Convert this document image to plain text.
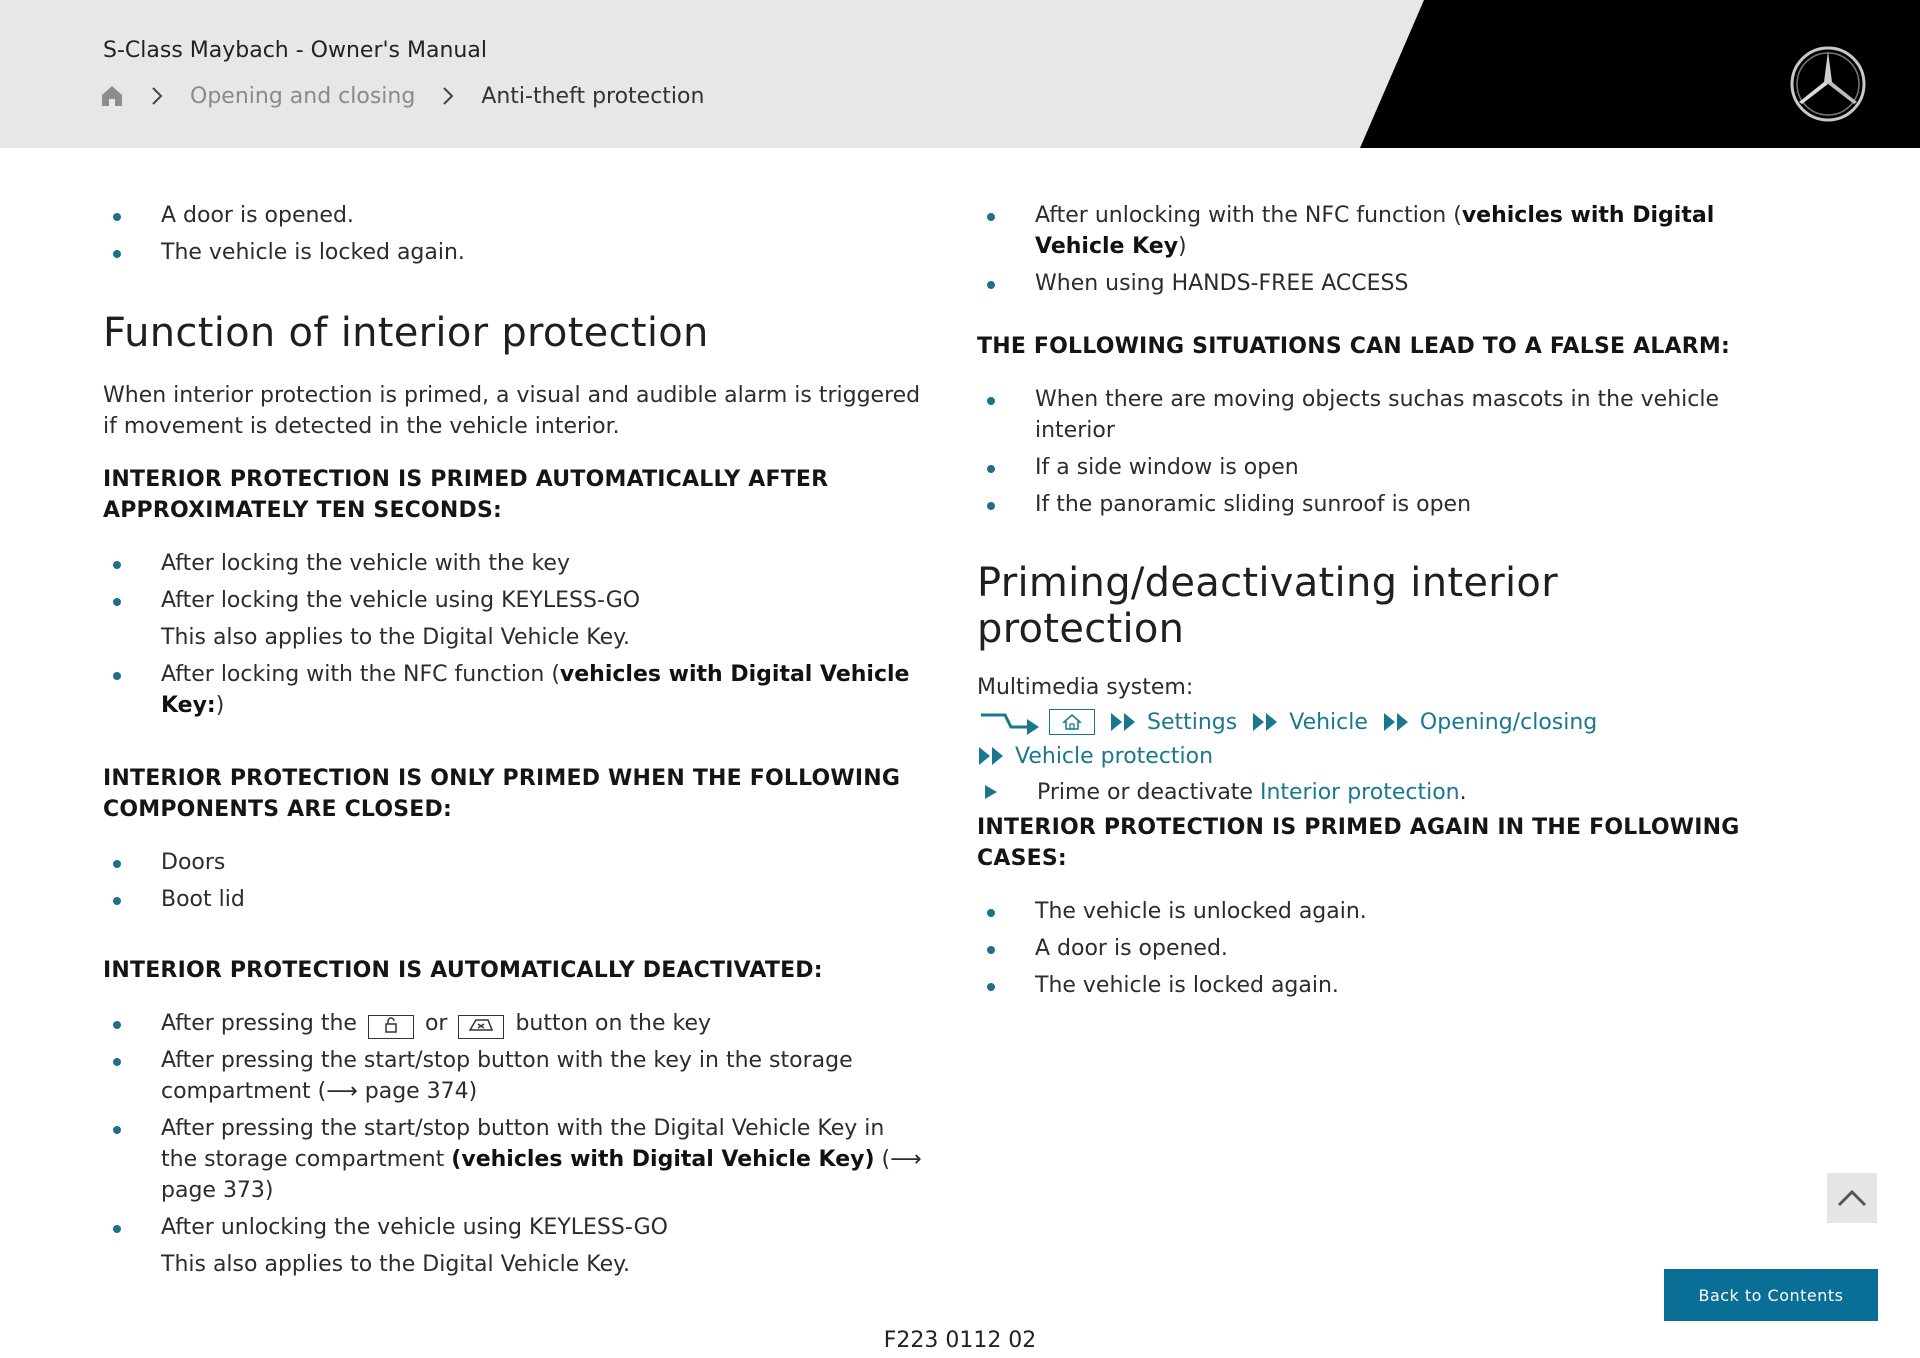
S-Class Maybach - Owner's Manual
Opening and closing	Anti-theft protection
A door is opened.
The vehicle is locked again.
Function of interior protection

When interior protection is primed, a visual and audible alarm is triggered if movement is detected in the vehicle interior.

INTERIOR PROTECTION IS PRIMED AUTOMATICALLY AFTER APPROXIMATELY TEN SECONDS:
After locking the vehicle with the key
After locking the vehicle using KEYLESS-GO
This also applies to the Digital Vehicle Key.
After locking with the NFC function (vehicles with Digital Vehicle Key:)
INTERIOR PROTECTION IS ONLY PRIMED WHEN THE FOLLOWING COMPONENTS ARE CLOSED:
Doors
Boot lid
INTERIOR PROTECTION IS AUTOMATICALLY DEACTIVATED:
After pressing the	or	button on the key
After pressing the start/stop button with the key in the storage compartment (⟶ page 374)
After pressing the start/stop button with the Digital Vehicle Key in the storage compartment (vehicles with Digital Vehicle Key) (⟶ page 373)
After unlocking the vehicle using KEYLESS-GO
This also applies to the Digital Vehicle Key.
After unlocking with the NFC function (vehicles with Digital Vehicle Key)
When using HANDS-FREE ACCESS
THE FOLLOWING SITUATIONS CAN LEAD TO A FALSE ALARM:
When there are moving objects suchas mascots in the vehicle interior
If a side window is open
If the panoramic sliding sunroof is open
Priming/deactivating interior protection

Multimedia system:

Settings Vehicle Opening/closing
Vehicle protection
Prime or deactivate Interior protection.
INTERIOR PROTECTION IS PRIMED AGAIN IN THE FOLLOWING CASES:
The vehicle is unlocked again.
A door is opened.
The vehicle is locked again.
Back to Contents
F223 0112 02
